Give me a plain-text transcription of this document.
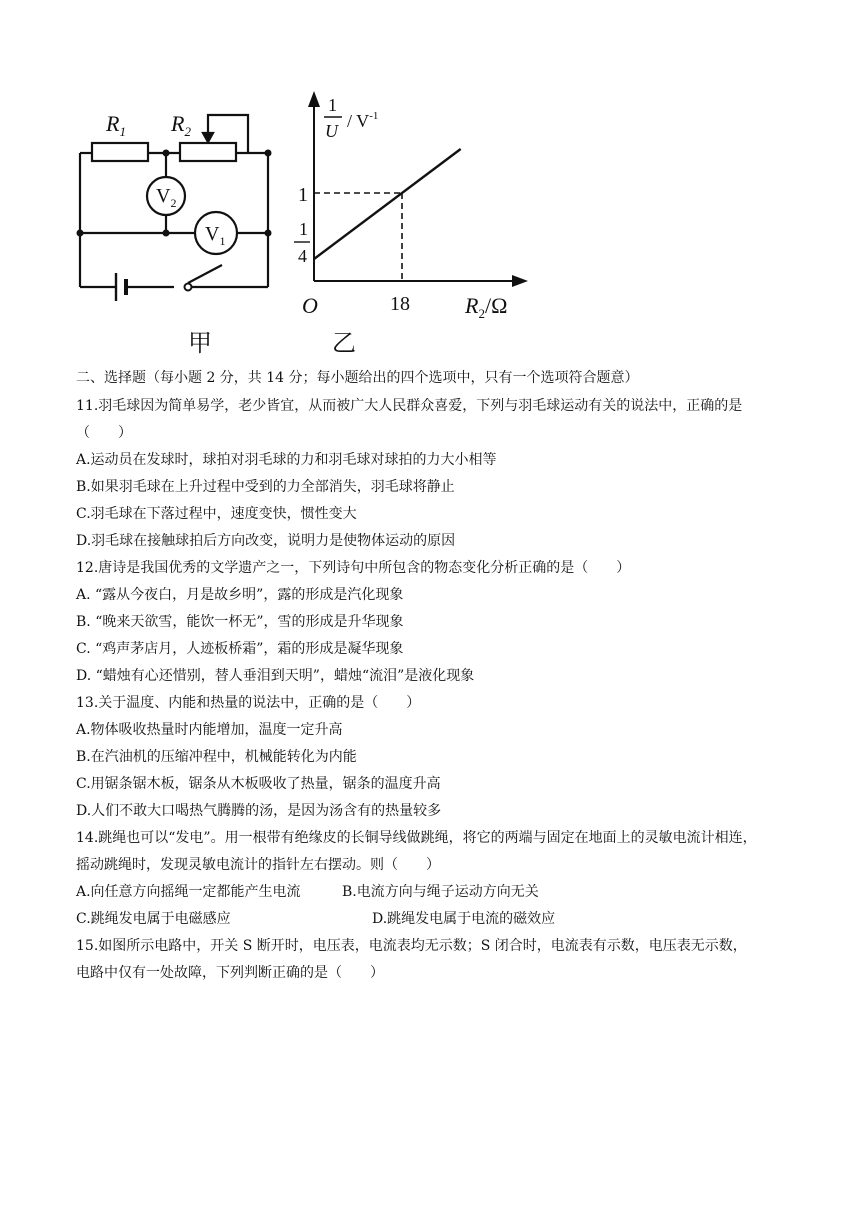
$R_1$ $R_2$
$V_2$
$V_1$
甲
1
U / $V^{-1}$
1
1
4
O	18	$R_2/\Omega$
乙
二、选择题（每小题 2 分，共 14 分；每小题给出的四个选项中，只有一个选项符合题意）
11.羽毛球因为简单易学，老少皆宜，从而被广大人民群众喜爱，下列与羽毛球运动有关的说法中，正确的是
（　　）
A.运动员在发球时，球拍对羽毛球的力和羽毛球对球拍的力大小相等
B.如果羽毛球在上升过程中受到的力全部消失，羽毛球将静止
C.羽毛球在下落过程中，速度变快，惯性变大
D.羽毛球在接触球拍后方向改变，说明力是使物体运动的原因
12.唐诗是我国优秀的文学遗产之一，下列诗句中所包含的物态变化分析正确的是（　　）
A. “露从今夜白，月是故乡明”，露的形成是汽化现象
B. “晚来天欲雪，能饮一杯无”，雪的形成是升华现象
C. “鸡声茅店月，人迹板桥霜”，霜的形成是凝华现象
D. “蜡烛有心还惜别，替人垂泪到天明”，蜡烛“流泪”是液化现象
13.关于温度、内能和热量的说法中，正确的是（　　）
A.物体吸收热量时内能增加，温度一定升高
B.在汽油机的压缩冲程中，机械能转化为内能
C.用锯条锯木板，锯条从木板吸收了热量，锯条的温度升高
D.人们不敢大口喝热气腾腾的汤，是因为汤含有的热量较多
14.跳绳也可以“发电”。用一根带有绝缘皮的长铜导线做跳绳，将它的两端与固定在地面上的灵敏电流计相连，
摇动跳绳时，发现灵敏电流计的指针左右摆动。则（　　）
A.向任意方向摇绳一定都能产生电流	B.电流方向与绳子运动方向无关
C.跳绳发电属于电磁感应	D.跳绳发电属于电流的磁效应
15.如图所示电路中，开关 S 断开时，电压表，电流表均无示数；S 闭合时，电流表有示数，电压表无示数，
电路中仅有一处故障，下列判断正确的是（　　）
